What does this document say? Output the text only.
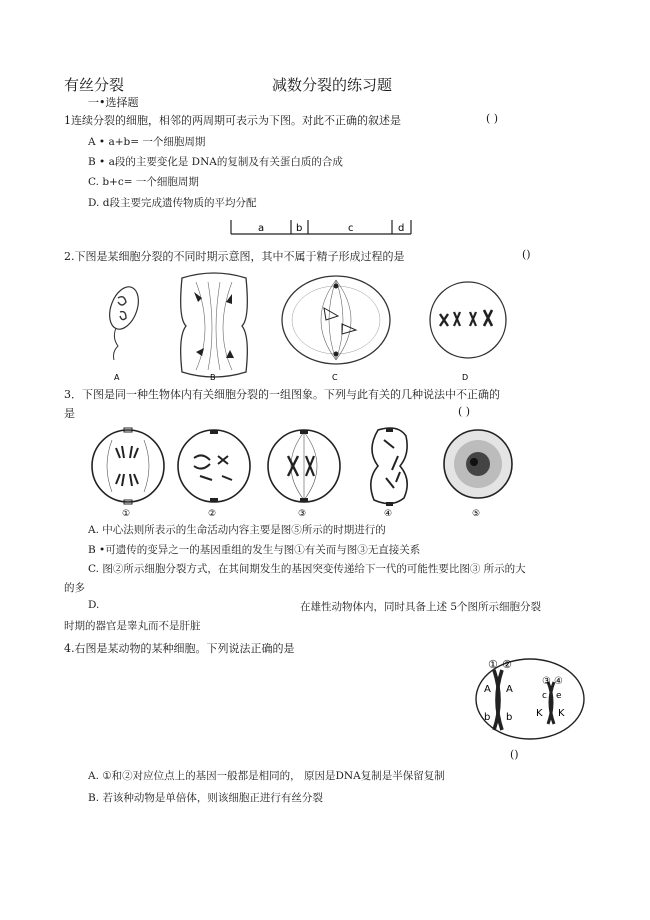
有丝分裂	减数分裂的练习题
一•选择题
1连续分裂的细胞，相邻的两周期可表示为下图。对此不正确的叙述是	( )
A • a+b= 一个细胞周期
B • a段的主要变化是 DNA的复制及有关蛋白质的合成
C. b+c= 一个细胞周期
D. d段主要完成遗传物质的平均分配
a	b	c	d
2.下图是某细胞分裂的不同时期示意图，其中不属于精子形成过程的是	()
A	B	C	D
3．下图是同一种生物体内有关细胞分裂的一组图象。下列与此有关的几种说法中不正确的
是	( )
①	②	③	④	⑤
A. 中心法则所表示的生命活动内容主要是图⑤所示的时期进行的
B •可遗传的变异之一的基因重组的发生与图①有关而与图③无直接关系
C. 图②所示细胞分裂方式，在其间期发生的基因突变传递给下一代的可能性要比图③ 所示的大
的多
D.	在雄性动物体内，同时具备上述 5个图所示细胞分裂
时期的器官是睾丸而不是肝脏
4.右图是某动物的某种细胞。下列说法正确的是
① ②
③ ④
A A
b b
c e
K K
()
A. ①和②对应位点上的基因一般都是相同的， 原因是DNA复制是半保留复制
B. 若该种动物是单倍体，则该细胞正进行有丝分裂
